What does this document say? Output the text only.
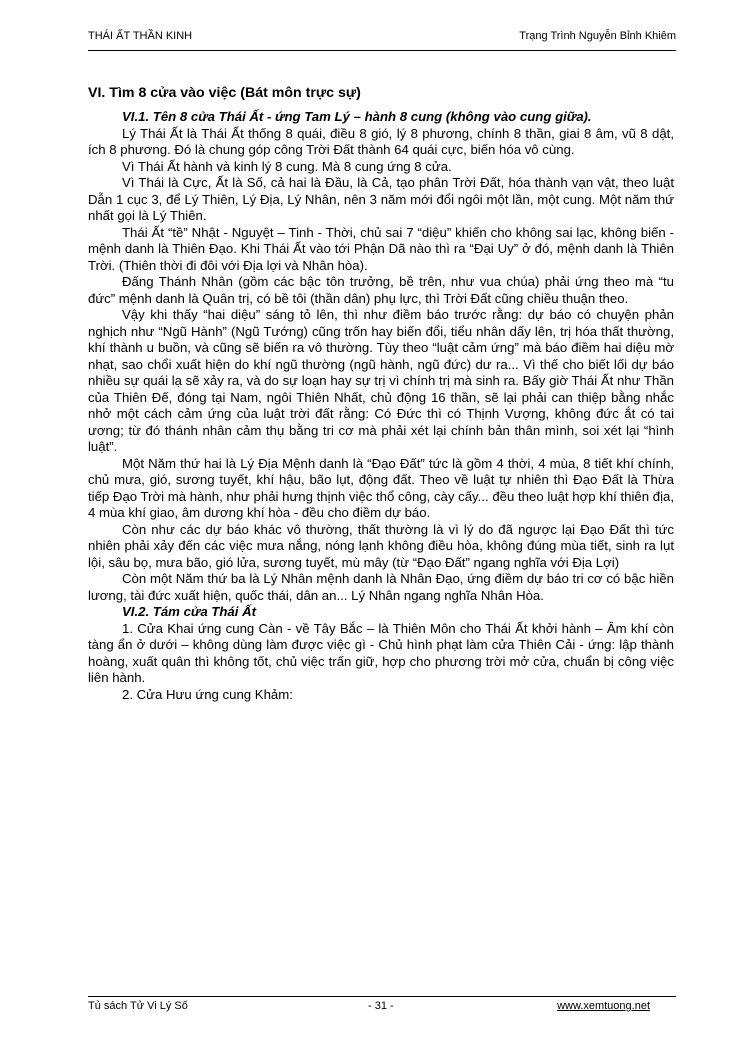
THÁI ẤT THẦN KINH	Trạng Trình Nguyễn Bỉnh Khiêm
VI. Tìm 8 cửa vào việc (Bát môn trực sự)
VI.1. Tên 8 cửa Thái Ất - ứng Tam Lý – hành 8 cung (không vào cung giữa).

Lý Thái Ất là Thái Ất thống 8 quái, điều 8 gió, lý 8 phương, chính 8 thần, giai 8 âm, vũ 8 dật, ích 8 phương. Đó là chung góp công Trời Đất thành 64 quái cực, biến hóa vô cùng.

Vì Thái Ất hành và kinh lý 8 cung. Mà 8 cung ứng 8 cửa.

Vì Thái là Cực, Ất là Số, cả hai là Đầu, là Cả, tạo phân Trời Đất, hóa thành vạn vật, theo luật Dẫn 1 cục 3, để Lý Thiên, Lý Địa, Lý Nhân, nên 3 năm mới đổi ngôi một lần, một cung. Một năm thứ nhất gọi là Lý Thiên.

Thái Ất “tề” Nhật - Nguyệt – Tinh - Thời, chủ sai 7 “diệu” khiến cho không sai lạc, không biến - mệnh danh là Thiên Đạo. Khi Thái Ất vào tới Phận Dã nào thì ra “Đại Uy” ở đó, mệnh danh là Thiên Trời. (Thiên thời đi đôi với Địa lợi và Nhân hòa).

Đấng Thánh Nhân (gồm các bậc tôn trưởng, bề trên, như vua chúa) phải ứng theo mà “tu đức” mệnh danh là Quân trị, có bề tôi (thần dân) phụ lực, thì Trời Đất cũng chiều thuận theo.

Vậy khi thấy “hai diệu” sáng tỏ lên, thì như điềm báo trước rằng: dự báo có chuyện phản nghịch như “Ngũ Hành” (Ngũ Tướng) cũng trốn hay biến đổi, tiểu nhân dấy lên, trị hóa thất thường, khí thành u buồn, và cũng sẽ biến ra vô thường. Tùy theo “luật cảm ứng” mà báo điềm hai diệu mờ nhạt, sao chổi xuất hiện do khí ngũ thường (ngũ hành, ngũ đức) dư ra... Vì thế cho biết lối dự báo nhiều sự quái lạ sẽ xảy ra, và do sự loạn hay sự trị vì chính trị mà sinh ra. Bấy giờ Thái Ất như Thần của Thiên Đế, đóng tại Nam, ngôi Thiên Nhất, chủ động 16 thần, sẽ lại phải can thiệp bằng nhắc nhở một cách cảm ứng của luật trời đất rằng: Có Đức thì có Thịnh Vượng, không đức ắt có tai ương; từ đó thánh nhân cảm thụ bằng tri cơ mà phải xét lại chính bản thân mình, soi xét lại “hình luật”.

Một Năm thứ hai là Lý Địa Mệnh danh là “Đạo Đất” tức là gồm 4 thời, 4 mùa, 8 tiết khí chính, chủ mưa, gió, sương tuyết, khí hậu, bão lụt, động đất. Theo về luật tự nhiên thì Đạo Đất là Thừa tiếp Đạo Trời mà hành, như phải hưng thịnh việc thổ công, cày cấy... đều theo luật hợp khí thiên địa, 4 mùa khí giao, âm dương khí hòa - đều cho điềm dự báo.

Còn như các dự báo khác vô thường, thất thường là vì lý do đã ngược lại Đạo Đất thì tức nhiên phải xảy đến các việc mưa nắng, nóng lạnh không điều hòa, không đúng mùa tiết, sinh ra lụt lội, sâu bọ, mưa bão, gió lửa, sương tuyết, mù mây (từ “Đạo Đất” ngang nghĩa với Địa Lợi)

Còn một Năm thứ ba là Lý Nhân mệnh danh là Nhân Đạo, ứng điềm dự báo tri cơ có bậc hiền lương, tài đức xuất hiện, quốc thái, dân an... Lý Nhân ngang nghĩa Nhân Hòa.

VI.2. Tám cửa Thái Ất

1. Cửa Khai ứng cung Càn - về Tây Bắc – là Thiên Môn cho Thái Ất khởi hành – Âm khí còn tàng ẩn ở dưới – không dùng làm được việc gì - Chủ hình phạt làm cửa Thiên Cải - ứng: lập thành hoàng, xuất quân thì không tốt, chủ việc trấn giữ, hợp cho phương trời mở cửa, chuẩn bị công việc liên hành.

2. Cửa Hưu ứng cung Khảm:

Tủ sách Tử Vi Lý Số	- 31 -	www.xemtuong.net
